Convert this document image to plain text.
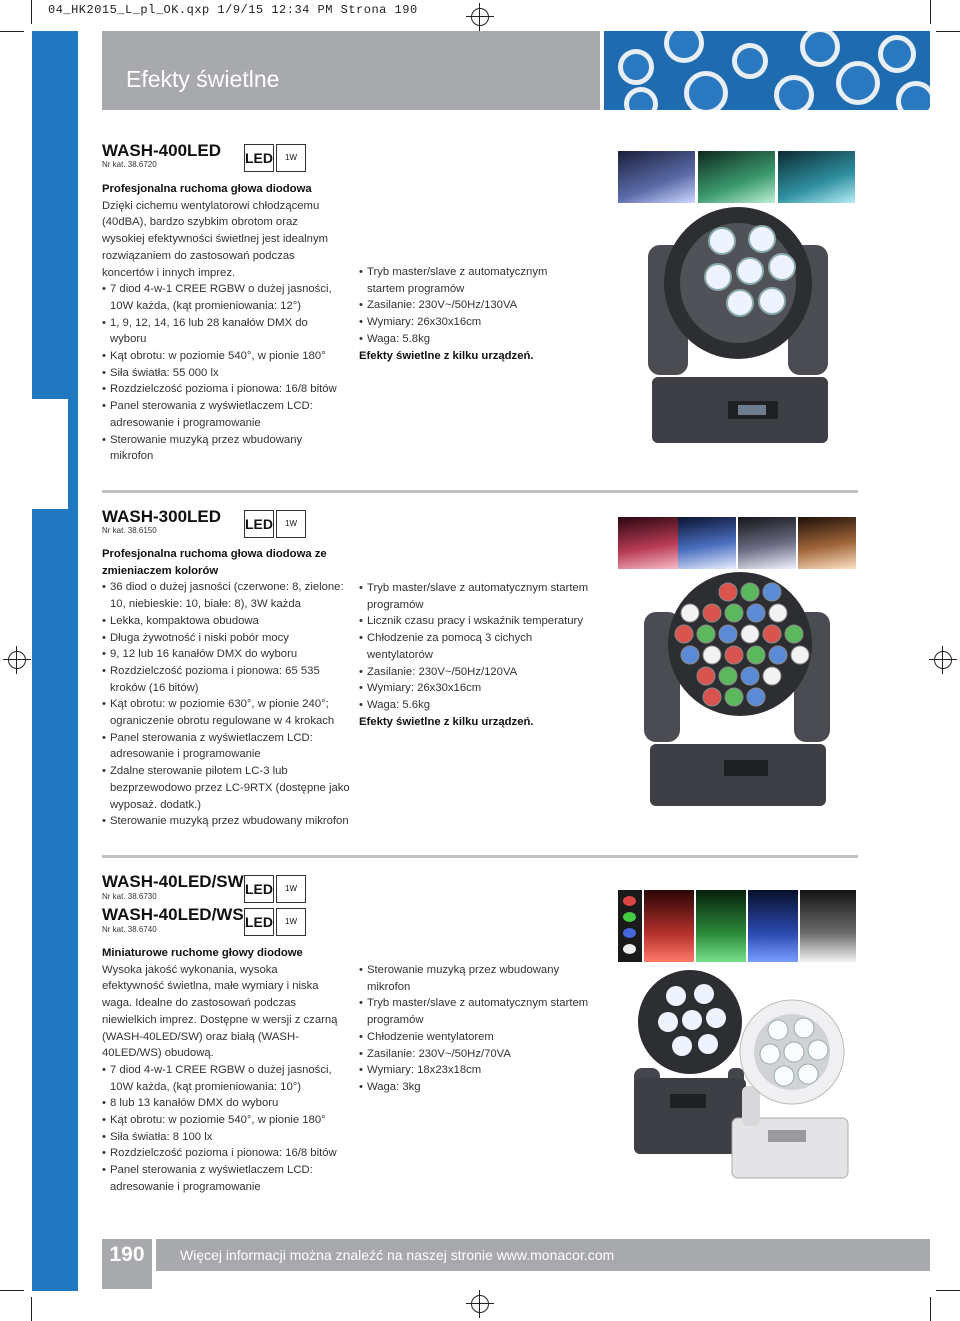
04_HK2015_L_pl_OK.qxp 1/9/15 12:34 PM Strona 190
Efekty świetlne
WASH-400LED
Nr kat. 38.6720	LED	1W

Profesjonalna ruchoma głowa diodowa

Dzięki cichemu wentylatorowi chłodzącemu (40dBA), bardzo szybkim obrotom oraz wysokiej efektywności świetlnej jest idealnym rozwiązaniem do zastosowań podczas koncertów i innych imprez.

• 7 diod 4-w-1 CREE RGBW o dużej jasności, 10W każda, (kąt promieniowania: 12°)
• 1, 9, 12, 14, 16 lub 28 kanałów DMX do wyboru
• Kąt obrotu: w poziomie 540°, w pionie 180°
• Siła światła: 55 000 lx
• Rozdzielczość pozioma i pionowa: 16/8 bitów
• Panel sterowania z wyświetlaczem LCD: adresowanie i programowanie
• Sterowanie muzyką przez wbudowany mikrofon
• Tryb master/slave z automatycznym startem programów
• Zasilanie: 230V~/50Hz/130VA
• Wymiary: 26x30x16cm
• Waga: 5.8kg

Efekty świetlne z kilku urządzeń.

WASH-300LED
Nr kat. 38.6150	LED	1W

Profesjonalna ruchoma głowa diodowa ze zmieniaczem kolorów

• 36 diod o dużej jasności (czerwone: 8, zielone: 10, niebieskie: 10, białe: 8), 3W każda
• Lekka, kompaktowa obudowa
• Długa żywotność i niski pobór mocy
• 9, 12 lub 16 kanałów DMX do wyboru
• Rozdzielczość pozioma i pionowa: 65 535 kroków (16 bitów)
• Kąt obrotu: w poziomie 630°, w pionie 240°; ograniczenie obrotu regulowane w 4 krokach
• Panel sterowania z wyświetlaczem LCD: adresowanie i programowanie
• Zdalne sterowanie pilotem LC-3 lub bezprzewodowo przez LC-9RTX (dostępne jako wyposaż. dodatk.)
• Sterowanie muzyką przez wbudowany mikrofon
• Tryb master/slave z automatycznym startem programów
• Licznik czasu pracy i wskaźnik temperatury
• Chłodzenie za pomocą 3 cichych wentylatorów
• Zasilanie: 230V~/50Hz/120VA
• Wymiary: 26x30x16cm
• Waga: 5.6kg

Efekty świetlne z kilku urządzeń.

WASH-40LED/SW
Nr kat. 38.6730
WASH-40LED/WS
Nr kat. 38.6740
LED	1W
LED	1W

Miniaturowe ruchome głowy diodowe

Wysoka jakość wykonania, wysoka efektywność świetlna, małe wymiary i niska waga. Idealne do zastosowań podczas niewielkich imprez. Dostępne w wersji z czarną (WASH-40LED/SW) oraz białą (WASH-40LED/WS) obudową.

• 7 diod 4-w-1 CREE RGBW o dużej jasności, 10W każda, (kąt promieniowania: 10°)
• 8 lub 13 kanałów DMX do wyboru
• Kąt obrotu: w poziomie 540°, w pionie 180°
• Siła światła: 8 100 lx
• Rozdzielczość pozioma i pionowa: 16/8 bitów
• Panel sterowania z wyświetlaczem LCD: adresowanie i programowanie
• Sterowanie muzyką przez wbudowany mikrofon
• Tryb master/slave z automatycznym startem programów
• Chłodzenie wentylatorem
• Zasilanie: 230V~/50Hz/70VA
• Wymiary: 18x23x18cm
• Waga: 3kg
190	Więcej informacji można znaleźć na naszej stronie www.monacor.com
